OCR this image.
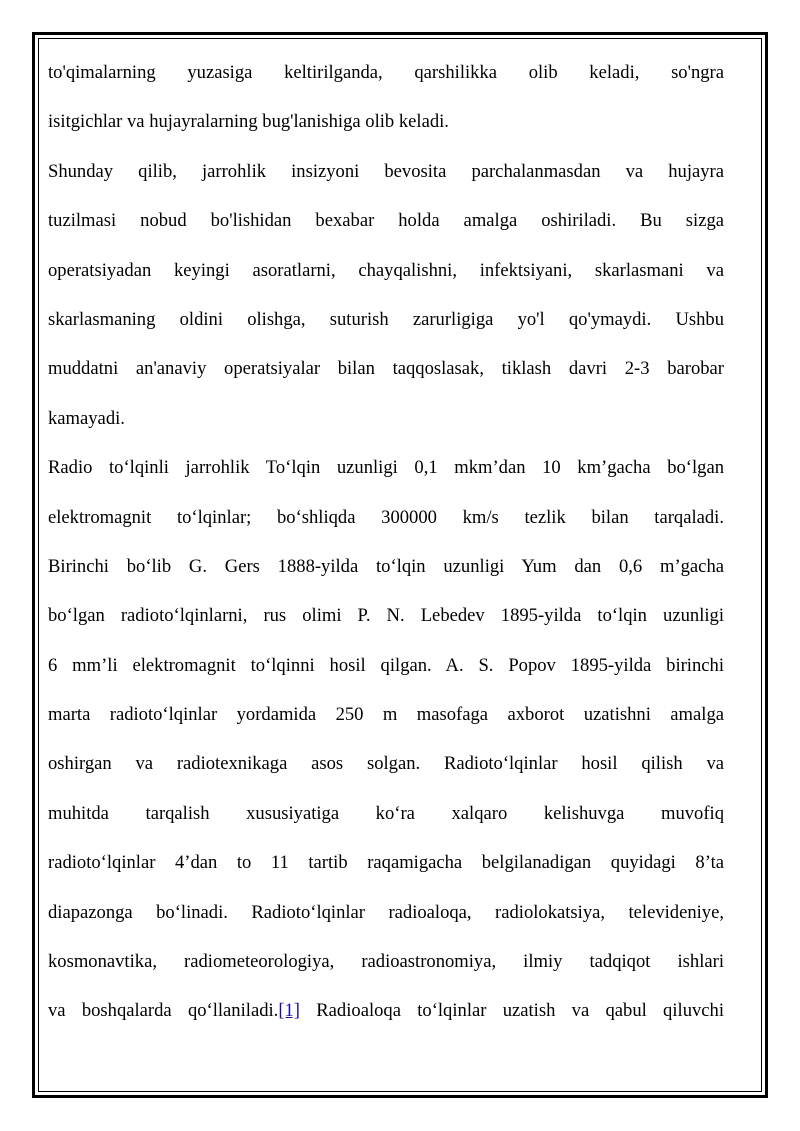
to'qimalarning yuzasiga keltirilganda, qarshilikka olib keladi, so'ngra
isitgichlar va hujayralarning bug'lanishiga olib keladi.

Shunday qilib, jarrohlik insizyoni bevosita parchalanmasdan va hujayra
tuzilmasi nobud bo'lishidan bexabar holda amalga oshiriladi. Bu sizga
operatsiyadan keyingi asoratlarni, chayqalishni, infektsiyani, skarlasmani va
skarlasmaning oldini olishga, suturish zarurligiga yo'l qo'ymaydi. Ushbu
muddatni an'anaviy operatsiyalar bilan taqqoslasak, tiklash davri 2-3 barobar
kamayadi.

Radio to‘lqinli jarrohlik To‘lqin uzunligi 0,1 mkm’dan 10 km’gacha bo‘lgan
elektromagnit to‘lqinlar; bo‘shliqda 300000 km/s tezlik bilan tarqaladi.
Birinchi bo‘lib G. Gers 1888-yilda to‘lqin uzunligi Yum dan 0,6 m’gacha
bo‘lgan radioto‘lqinlarni, rus olimi P. N. Lebedev 1895-yilda to‘lqin uzunligi
6 mm’li elektromagnit to‘lqinni hosil qilgan. A. S. Popov 1895-yilda birinchi
marta radioto‘lqinlar yordamida 250 m masofaga axborot uzatishni amalga
oshirgan va radiotexnikaga asos solgan. Radioto‘lqinlar hosil qilish va
muhitda tarqalish xususiyatiga ko‘ra xalqaro kelishuvga muvofiq
radioto‘lqinlar 4’dan to 11 tartib raqamigacha belgilanadigan quyidagi 8’ta
diapazonga bo‘linadi. Radioto‘lqinlar radioaloqa, radiolokatsiya, televideniye,
kosmonavtika, radiometeorologiya, radioastronomiya, ilmiy tadqiqot ishlari
va boshqalarda qo‘llaniladi.[1] Radioaloqa to‘lqinlar uzatish va qabul qiluvchi
